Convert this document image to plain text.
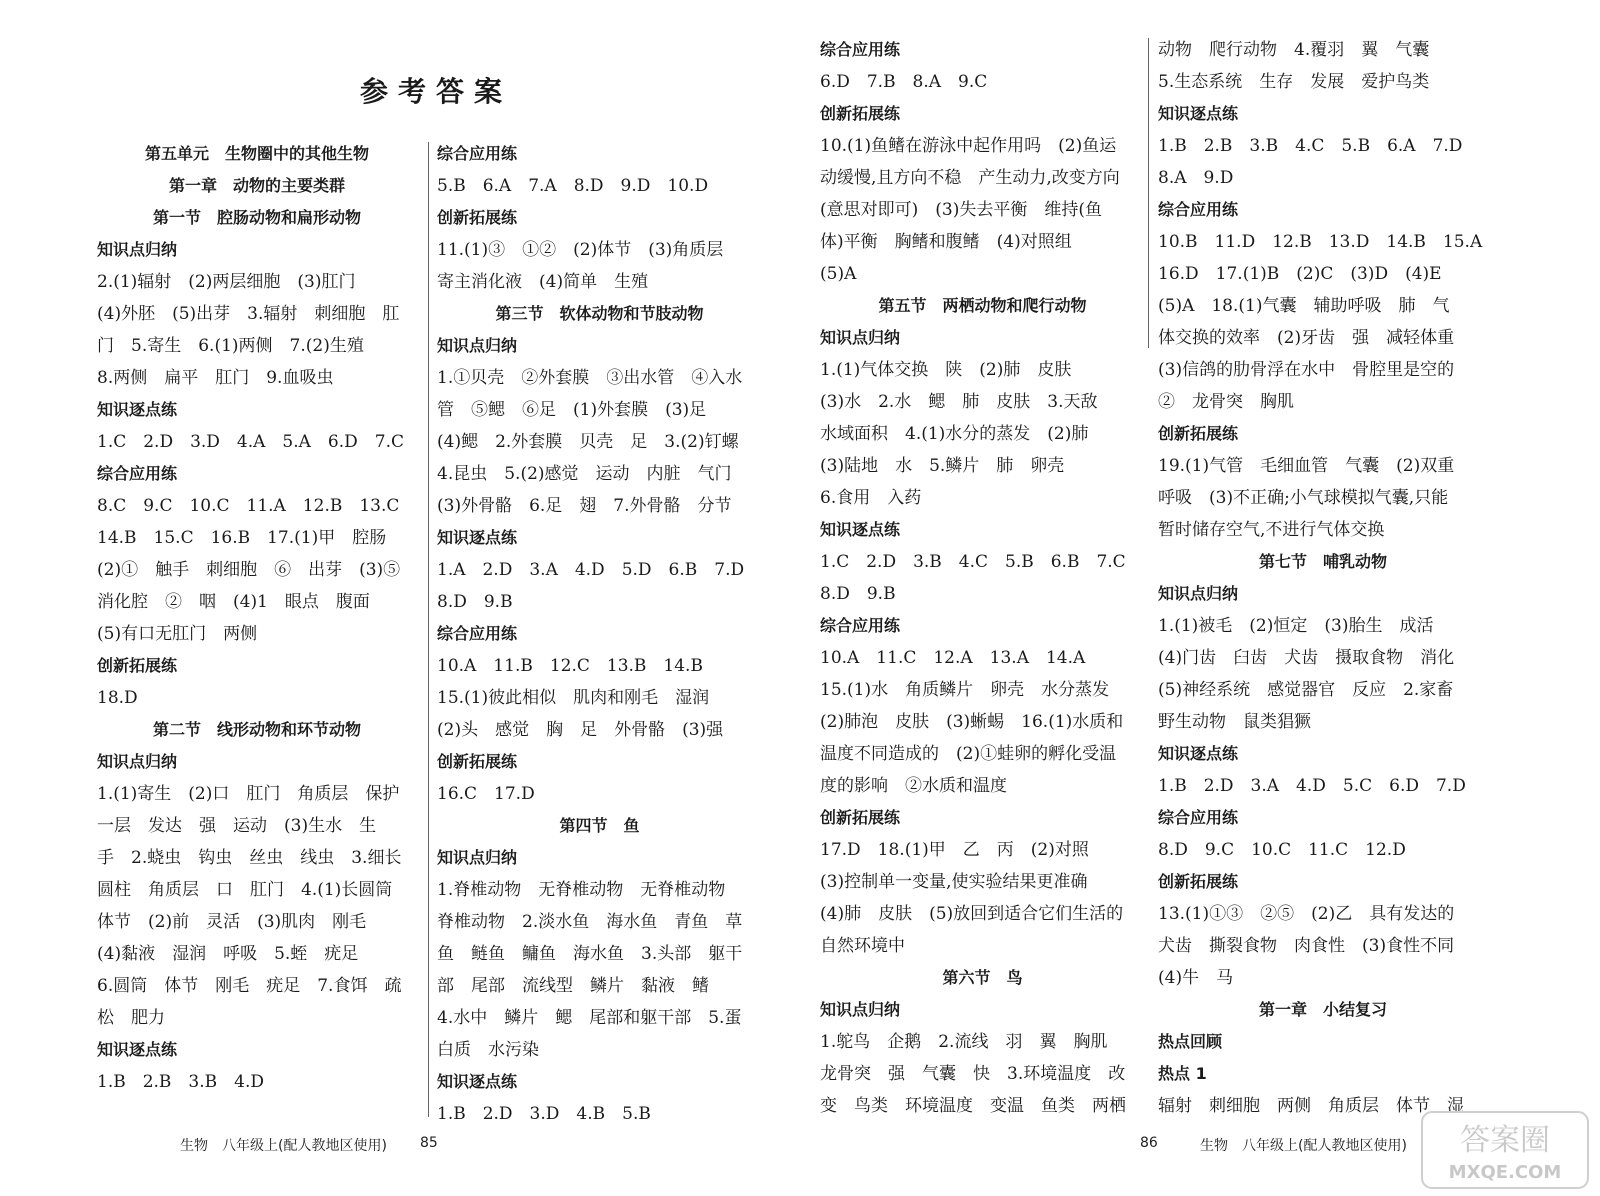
参考答案
第五单元　生物圈中的其他生物
第一章　动物的主要类群
第一节　腔肠动物和扁形动物
知识点归纳
2.(1)辐射　(2)两层细胞　(3)肛门
(4)外胚　(5)出芽　3.辐射　刺细胞　肛
门　5.寄生　6.(1)两侧　7.(2)生殖
8.两侧　扁平　肛门　9.血吸虫
知识逐点练
1.C　2.D　3.D　4.A　5.A　6.D　7.C
综合应用练
8.C　9.C　10.C　11.A　12.B　13.C
14.B　15.C　16.B　17.(1)甲　腔肠
(2)①　触手　刺细胞　⑥　出芽　(3)⑤
消化腔　②　咽　(4)1　眼点　腹面
(5)有口无肛门　两侧
创新拓展练
18.D
第二节　线形动物和环节动物
知识点归纳
1.(1)寄生　(2)口　肛门　角质层　保护
一层　发达　强　运动　(3)生水　生
手　2.蛲虫　钩虫　丝虫　线虫　3.细长
圆柱　角质层　口　肛门　4.(1)长圆筒
体节　(2)前　灵活　(3)肌肉　刚毛
(4)黏液　湿润　呼吸　5.蛭　疣足
6.圆筒　体节　刚毛　疣足　7.食饵　疏
松　肥力
知识逐点练
1.B　2.B　3.B　4.D
综合应用练
5.B　6.A　7.A　8.D　9.D　10.D
创新拓展练
11.(1)③　①②　(2)体节　(3)角质层
寄主消化液　(4)简单　生殖
第三节　软体动物和节肢动物
知识点归纳
1.①贝壳　②外套膜　③出水管　④入水
管　⑤鳃　⑥足　(1)外套膜　(3)足
(4)鳃　2.外套膜　贝壳　足　3.(2)钉螺
4.昆虫　5.(2)感觉　运动　内脏　气门
(3)外骨骼　6.足　翅　7.外骨骼　分节
知识逐点练
1.A　2.D　3.A　4.D　5.D　6.B　7.D
8.D　9.B
综合应用练
10.A　11.B　12.C　13.B　14.B
15.(1)彼此相似　肌肉和刚毛　湿润
(2)头　感觉　胸　足　外骨骼　(3)强
创新拓展练
16.C　17.D
第四节　鱼
知识点归纳
1.脊椎动物　无脊椎动物　无脊椎动物
脊椎动物　2.淡水鱼　海水鱼　青鱼　草
鱼　鲢鱼　鳙鱼　海水鱼　3.头部　躯干
部　尾部　流线型　鳞片　黏液　鳍
4.水中　鳞片　鳃　尾部和躯干部　5.蛋
白质　水污染
知识逐点练
1.B　2.D　3.D　4.B　5.B
综合应用练
6.D　7.B　8.A　9.C
创新拓展练
10.(1)鱼鳍在游泳中起作用吗　(2)鱼运
动缓慢,且方向不稳　产生动力,改变方向
(意思对即可)　(3)失去平衡　维持(鱼
体)平衡　胸鳍和腹鳍　(4)对照组
(5)A
第五节　两栖动物和爬行动物
知识点归纳
1.(1)气体交换　陕　(2)肺　皮肤
(3)水　2.水　鳃　肺　皮肤　3.天敌
水域面积　4.(1)水分的蒸发　(2)肺
(3)陆地　水　5.鳞片　肺　卵壳
6.食用　入药
知识逐点练
1.C　2.D　3.B　4.C　5.B　6.B　7.C
8.D　9.B
综合应用练
10.A　11.C　12.A　13.A　14.A
15.(1)水　角质鳞片　卵壳　水分蒸发
(2)肺泡　皮肤　(3)蜥蜴　16.(1)水质和
温度不同造成的　(2)①蛙卵的孵化受温
度的影响　②水质和温度
创新拓展练
17.D　18.(1)甲　乙　丙　(2)对照
(3)控制单一变量,使实验结果更准确
(4)肺　皮肤　(5)放回到适合它们生活的
自然环境中
第六节　鸟
知识点归纳
1.鸵鸟　企鹅　2.流线　羽　翼　胸肌
龙骨突　强　气囊　快　3.环境温度　改
变　鸟类　环境温度　变温　鱼类　两栖
动物　爬行动物　4.覆羽　翼　气囊
5.生态系统　生存　发展　爱护鸟类
知识逐点练
1.B　2.B　3.B　4.C　5.B　6.A　7.D
8.A　9.D
综合应用练
10.B　11.D　12.B　13.D　14.B　15.A
16.D　17.(1)B　(2)C　(3)D　(4)E
(5)A　18.(1)气囊　辅助呼吸　肺　气
体交换的效率　(2)牙齿　强　减轻体重
(3)信鸽的肋骨浮在水中　骨腔里是空的
②　龙骨突　胸肌
创新拓展练
19.(1)气管　毛细血管　气囊　(2)双重
呼吸　(3)不正确;小气球模拟气囊,只能
暂时储存空气,不进行气体交换
第七节　哺乳动物
知识点归纳
1.(1)被毛　(2)恒定　(3)胎生　成活
(4)门齿　臼齿　犬齿　摄取食物　消化
(5)神经系统　感觉器官　反应　2.家畜
野生动物　鼠类猖獗
知识逐点练
1.B　2.D　3.A　4.D　5.C　6.D　7.D
综合应用练
8.D　9.C　10.C　11.C　12.D
创新拓展练
13.(1)①③　②⑤　(2)乙　具有发达的
犬齿　撕裂食物　肉食性　(3)食性不同
(4)牛　马
第一章　小结复习
热点回顾
热点 1
辐射　刺细胞　两侧　角质层　体节　湿
生物　八年级上(配人教地区使用) 85	86	生物　八年级上(配人教地区使用) 答案圈
MXQE.COM
